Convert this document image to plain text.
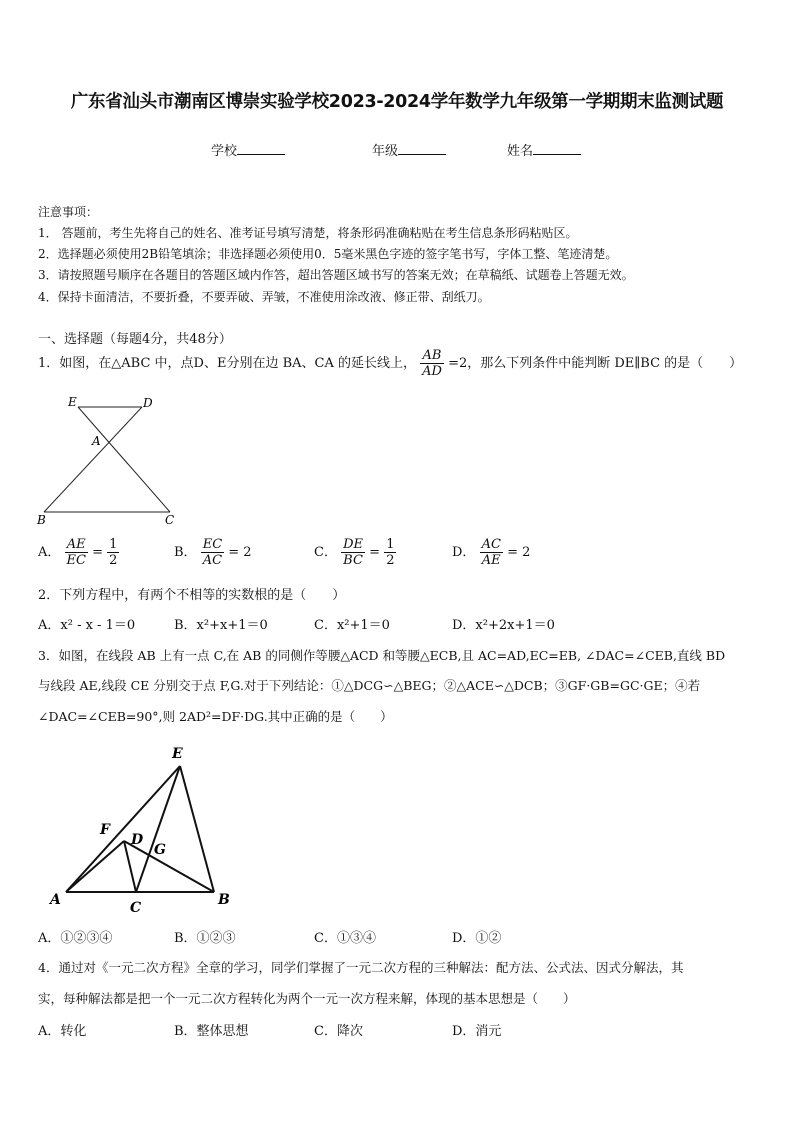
广东省汕头市潮南区博崇实验学校2023-2024学年数学九年级第一学期期末监测试题
学校	年级	姓名
注意事项：
1． 答题前，考生先将自己的姓名、准考证号填写清楚，将条形码准确粘贴在考生信息条形码粘贴区。
2．选择题必须使用2B铅笔填涂；非选择题必须使用0．5毫米黑色字迹的签字笔书写，字体工整、笔迹清楚。
3．请按照题号顺序在各题目的答题区域内作答，超出答题区域书写的答案无效；在草稿纸、试题卷上答题无效。
4．保持卡面清洁，不要折叠，不要弄破、弄皱，不准使用涂改液、修正带、刮纸刀。
一、选择题（每题4分，共48分）
1．如图，在△ABC 中，点D、E分别在边 BA、CA 的延长线上， $\frac{AB}{AD} =2$，那么下列条件中能判断 DE∥BC 的是（　　）
E	D
A
B	C
A． $\frac{AE}{EC} = \frac{1}{2}$	B． $\frac{EC}{AC} = 2$	C． $\frac{DE}{BC} = \frac{1}{2}$	D． $\frac{AC}{AE} = 2$
2．下列方程中，有两个不相等的实数根的是（　　）
A．x² - x - 1＝0	B．x²+x+1＝0	C．x²+1＝0	D．x²+2x+1＝0
3．如图，在线段 AB 上有一点 C,在 AB 的同侧作等腰△ACD 和等腰△ECB,且 AC=AD,EC=EB, ∠DAC=∠CEB,直线 BD
与线段 AE,线段 CE 分别交于点 F,G.对于下列结论：①△DCG∽△BEG；②△ACE∽△DCB；③GF·GB=GC·GE；④若
∠DAC=∠CEB=90°,则 2AD²=DF·DG.其中正确的是（　　）
E
F
D
G
A	C	B
A．①②③④	B．①②③	C．①③④	D．①②
4．通过对《一元二次方程》全章的学习，同学们掌握了一元二次方程的三种解法：配方法、公式法、因式分解法，其
实，每种解法都是把一个一元二次方程转化为两个一元一次方程来解，体现的基本思想是（　　）
A．转化	B．整体思想	C．降次	D．消元
